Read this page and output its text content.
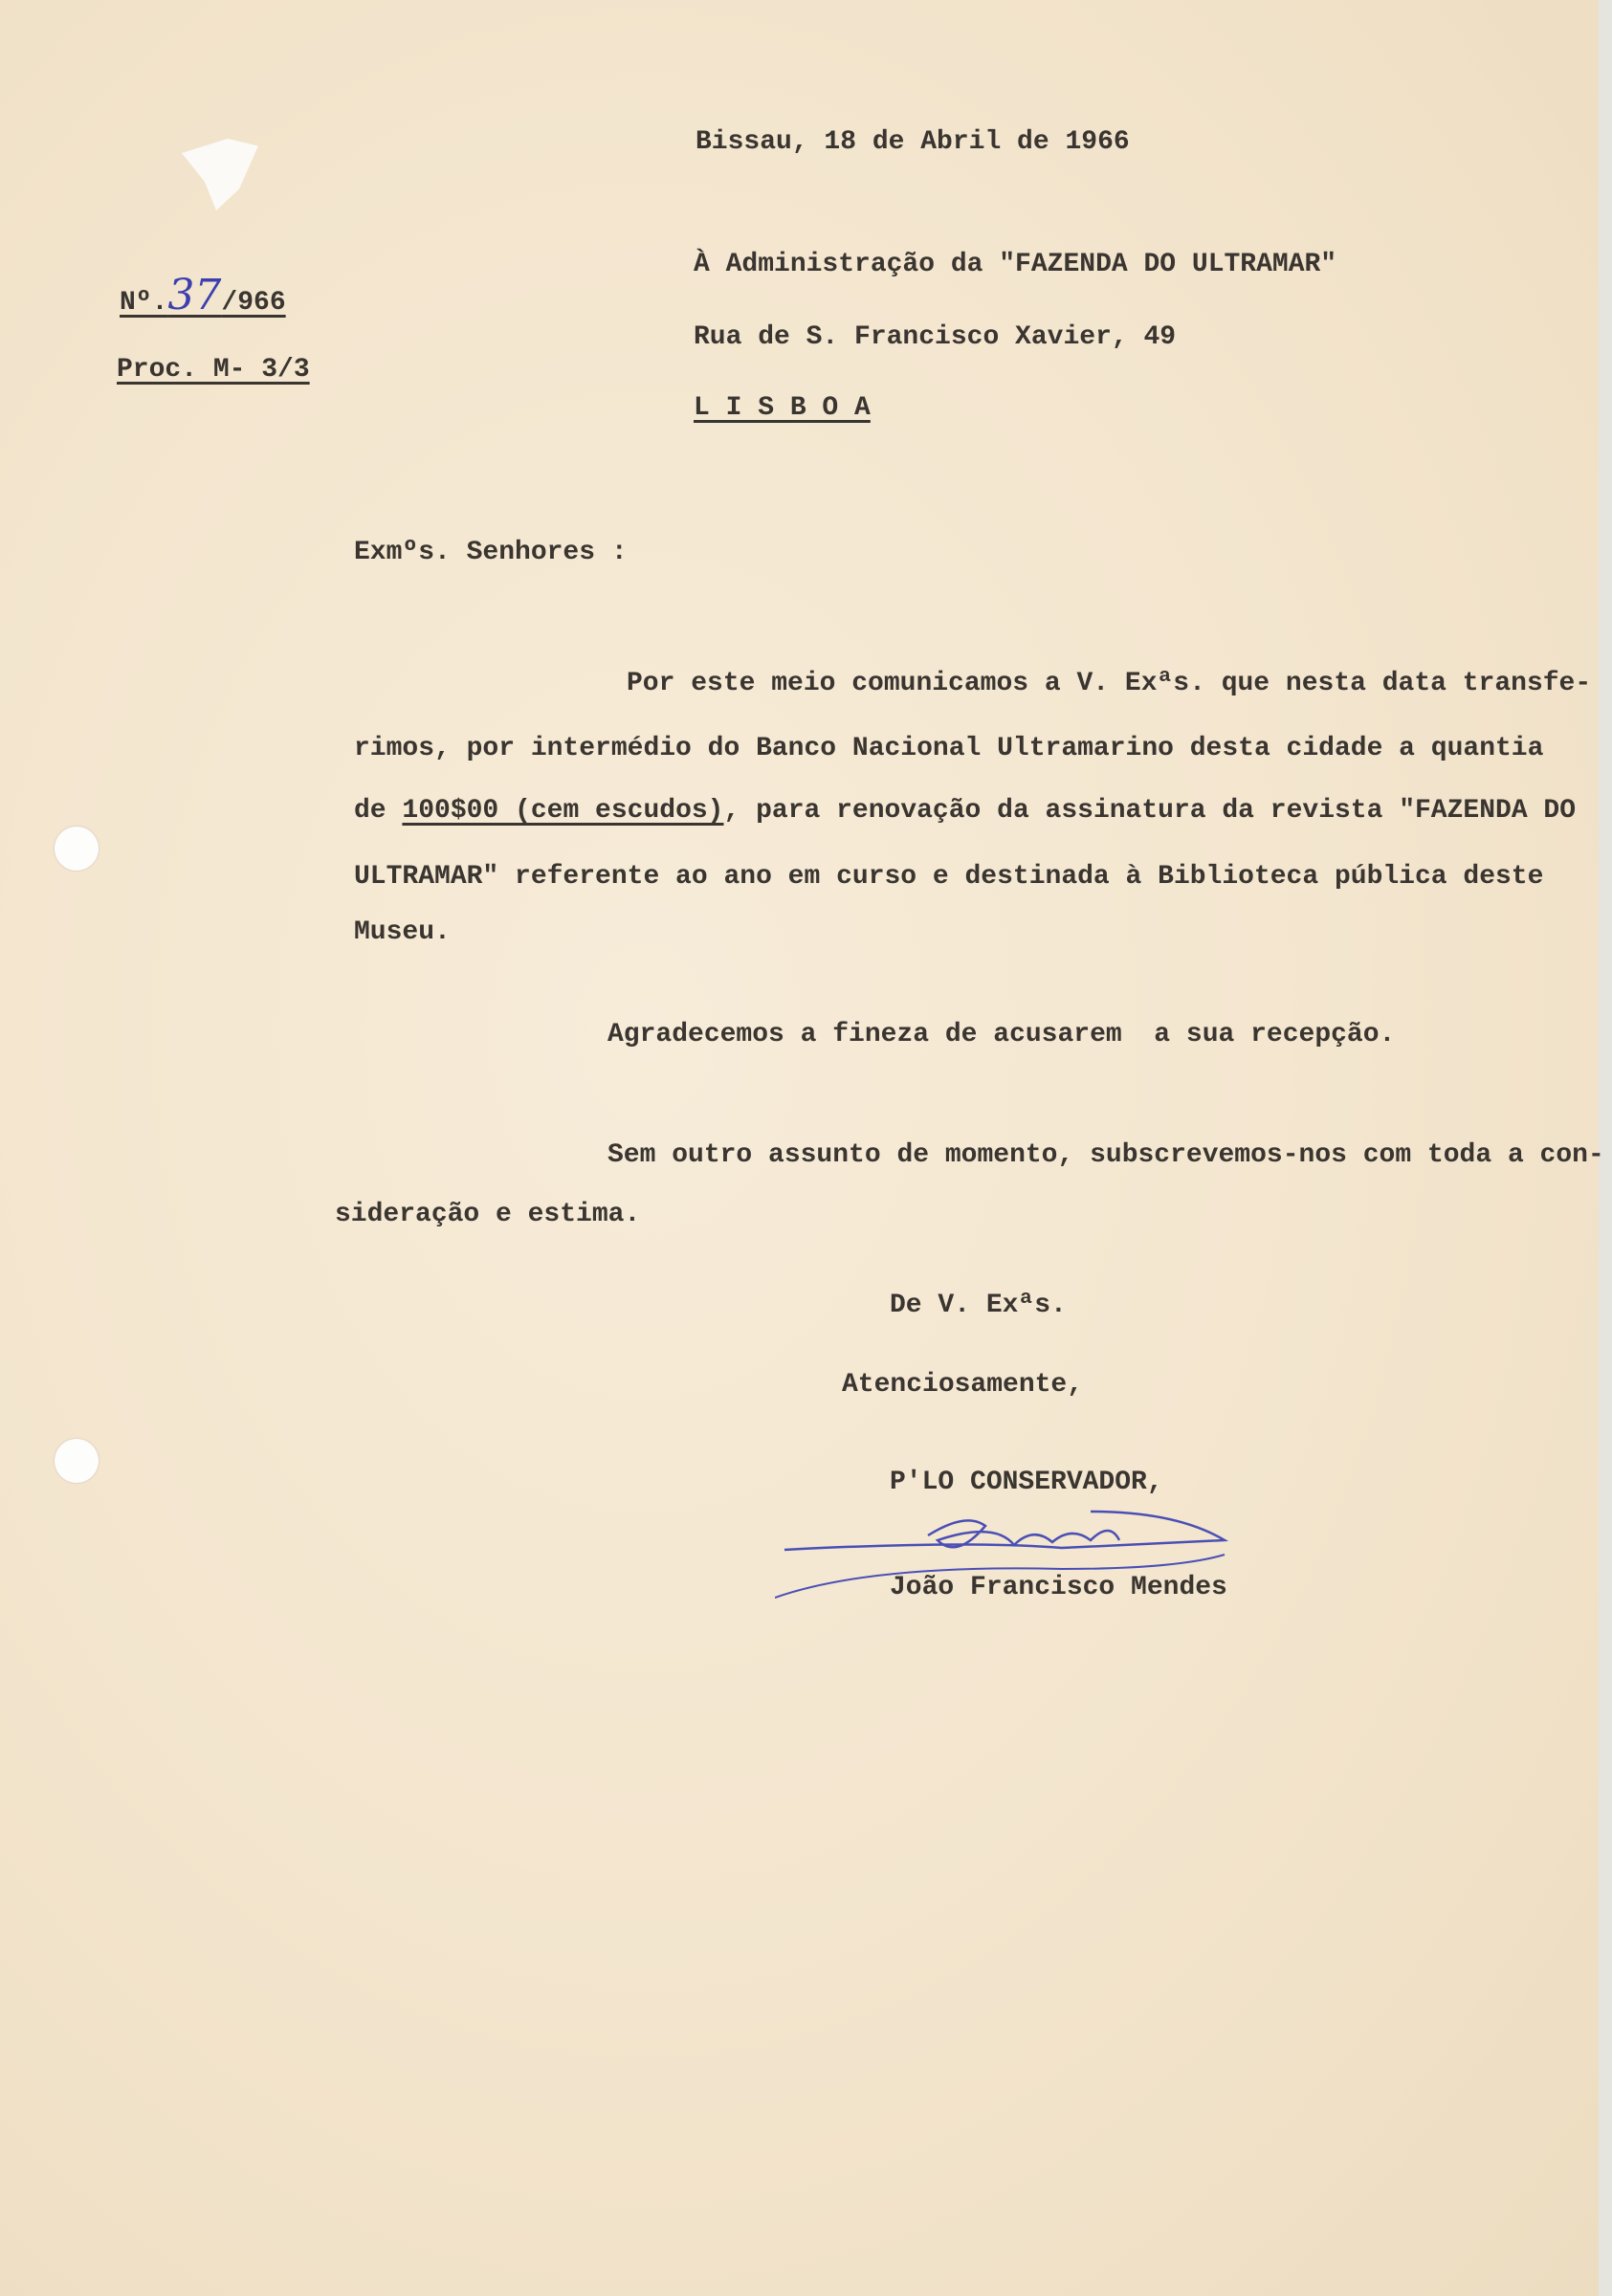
Bissau, 18 de Abril de 1966
Nº.37/966
Proc. M- 3/3
À Administração da "FAZENDA DO ULTRAMAR"
Rua de S. Francisco Xavier, 49
L I S B O A
Exmºs. Senhores :
Por este meio comunicamos a V. Exªs. que nesta data transfe-
rimos, por intermédio do Banco Nacional Ultramarino desta cidade a quantia
de 100$00 (cem escudos), para renovação da assinatura da revista "FAZENDA DO
ULTRAMAR" referente ao ano em curso e destinada à Biblioteca pública deste
Museu.
Agradecemos a fineza de acusarem  a sua recepção.
Sem outro assunto de momento, subscrevemos-nos com toda a con-
sideração e estima.
De V. Exªs.
Atenciosamente,
P'LO CONSERVADOR,
João Francisco Mendes
